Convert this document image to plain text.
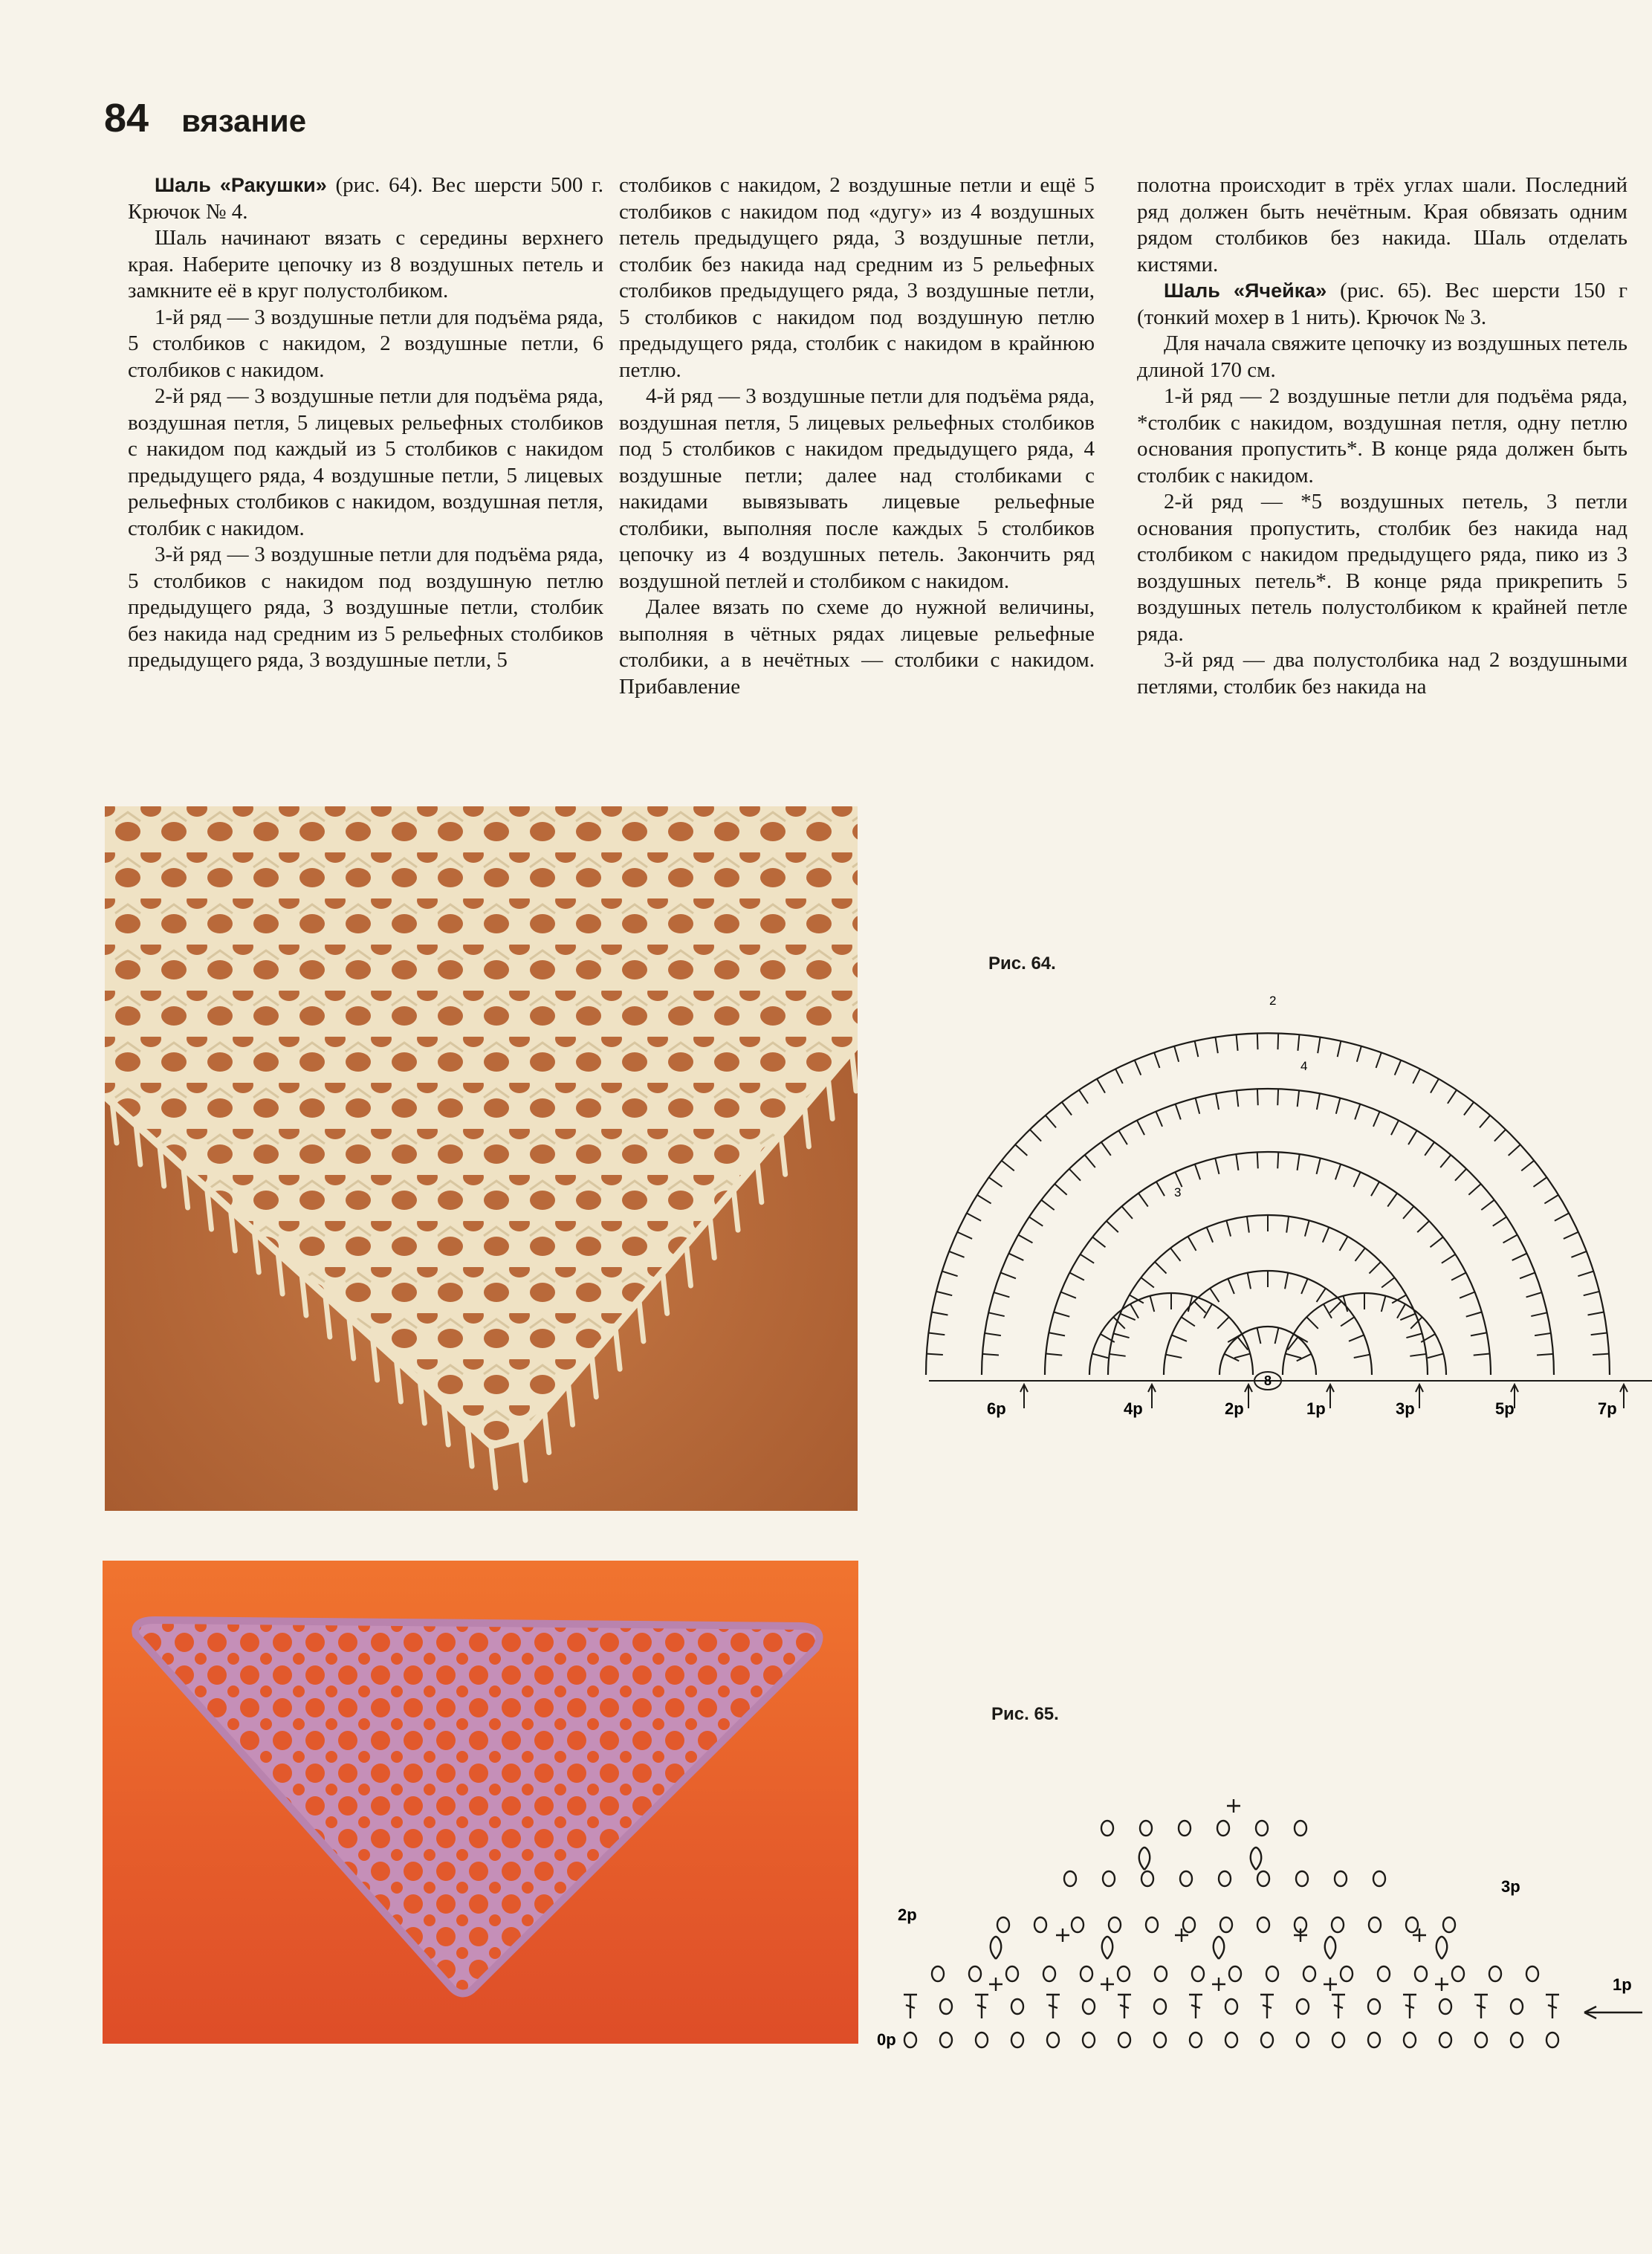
84 вязание

Шаль «Ракушки» (рис. 64). Вес шерсти 500 г. Крючок № 4.

Шаль начинают вязать с середины верхнего края. Наберите цепочку из 8 воздушных петель и замкните её в круг полустолбиком.

1-й ряд — 3 воздушные петли для подъёма ряда, 5 столбиков с накидом, 2 воздушные петли, 6 столбиков с накидом.

2-й ряд — 3 воздушные петли для подъёма ряда, воздушная петля, 5 лицевых рельефных столбиков с накидом под каждый из 5 столбиков с накидом предыдущего ряда, 4 воздушные петли, 5 лицевых рельефных столбиков с накидом, воздушная петля, столбик с накидом.

3-й ряд — 3 воздушные петли для подъёма ряда, 5 столбиков с накидом под воздушную петлю предыдущего ряда, 3 воздушные петли, столбик без накида над средним из 5 рельефных столбиков предыдущего ряда, 3 воздушные петли, 5

столбиков с накидом, 2 воздушные петли и ещё 5 столбиков с накидом под «дугу» из 4 воздушных петель предыдущего ряда, 3 воздушные петли, столбик без накида над средним из 5 рельефных столбиков предыдущего ряда, 3 воздушные петли, 5 столбиков с накидом под воздушную петлю предыдущего ряда, столбик с накидом в крайнюю петлю.

4-й ряд — 3 воздушные петли для подъёма ряда, воздушная петля, 5 лицевых рельефных столбиков под 5 столбиков с накидом предыдущего ряда, 4 воздушные петли; далее над столбиками с накидами вывязывать лицевые рельефные столбики, выполняя после каждых 5 столбиков цепочку из 4 воздушных петель. Закончить ряд воздушной петлей и столбиком с накидом.

Далее вязать по схеме до нужной величины, выполняя в чётных рядах лицевые рельефные столбики, а в нечётных — столбики с накидом. Прибавление

полотна происходит в трёх углах шали. Последний ряд должен быть нечётным. Края обвязать одним рядом столбиков без накида. Шаль отделать кистями.

Шаль «Ячейка» (рис. 65). Вес шерсти 150 г (тонкий мохер в 1 нить). Крючок № 3.

Для начала свяжите цепочку из воздушных петель длиной 170 см.

1-й ряд — 2 воздушные петли для подъёма ряда, *столбик с накидом, воздушная петля, одну петлю основания пропустить*. В конце ряда должен быть столбик с накидом.

2-й ряд — *5 воздушных петель, 3 петли основания пропустить, столбик без накида над столбиком с накидом предыдущего ряда, пико из 3 воздушных петель*. В конце ряда прикрепить 5 воздушных петель полустолбиком к крайней петле ряда.

3-й ряд — два полустолбика над 2 воздушными петлями, столбик без накида на

Рис. 64.
Рис. 65.
8
3
2
4
6р	4р	2р	1р	3р	5р	7р
0р
1р
2р
3р
